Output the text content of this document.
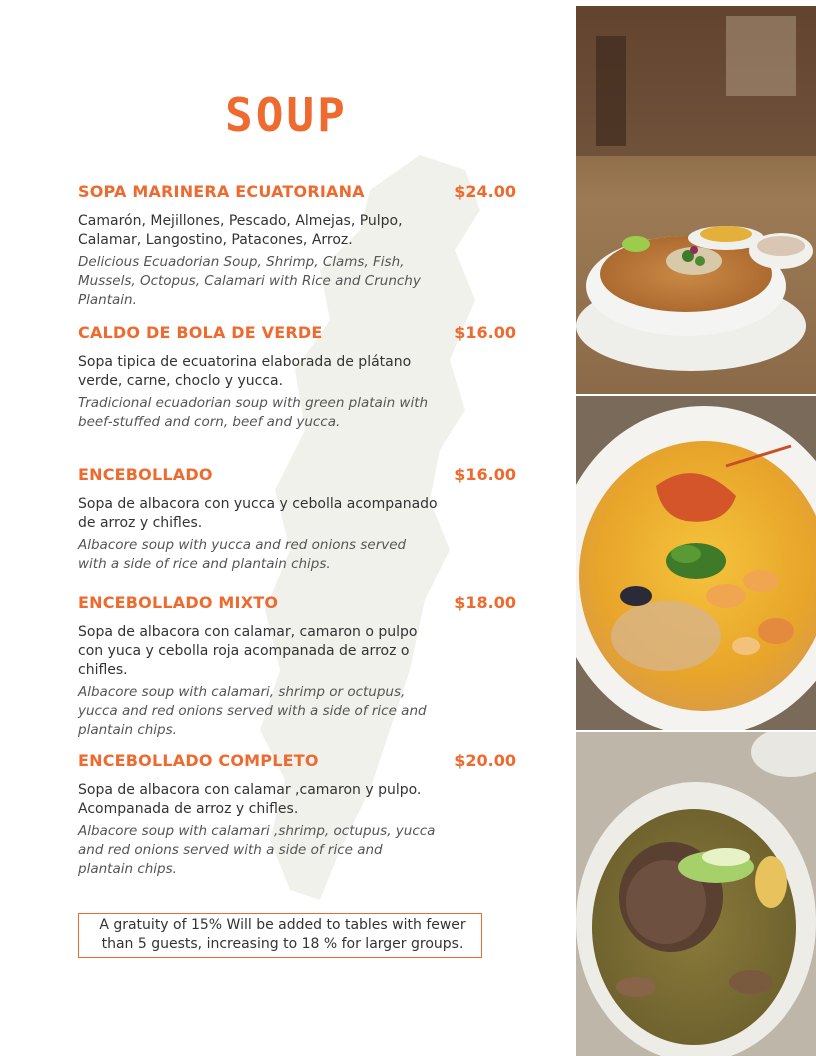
SOUP
SOPA MARINERA ECUATORIANA	$24.00
Camarón, Mejillones, Pescado, Almejas, Pulpo, Calamar, Langostino, Patacones, Arroz.
Delicious Ecuadorian Soup, Shrimp, Clams, Fish, Mussels, Octopus, Calamari with Rice and Crunchy Plantain.
CALDO DE BOLA DE VERDE	$16.00
Sopa tipica de ecuatorina elaborada de plátano verde, carne, choclo y yucca.
Tradicional ecuadorian soup with green platain with beef-stuffed and corn, beef and yucca.
ENCEBOLLADO	$16.00
Sopa de albacora con yucca y cebolla acompanado de arroz y chifles.
Albacore soup with yucca and red onions served with a side of rice and plantain chips.
ENCEBOLLADO MIXTO	$18.00
Sopa de albacora con calamar, camaron o pulpo con yuca y cebolla roja acompanada de arroz o chifles.
Albacore soup with calamari, shrimp or octupus, yucca and red onions served with a side of rice and plantain chips.
ENCEBOLLADO COMPLETO	$20.00
Sopa de albacora con calamar ,camaron y pulpo. Acompanada de arroz y chifles.
Albacore soup with calamari ,shrimp, octupus, yucca and red onions served with a side of rice and plantain chips.
A gratuity of 15% Will be added to tables with fewer than 5 guests, increasing to 18 % for larger groups.
